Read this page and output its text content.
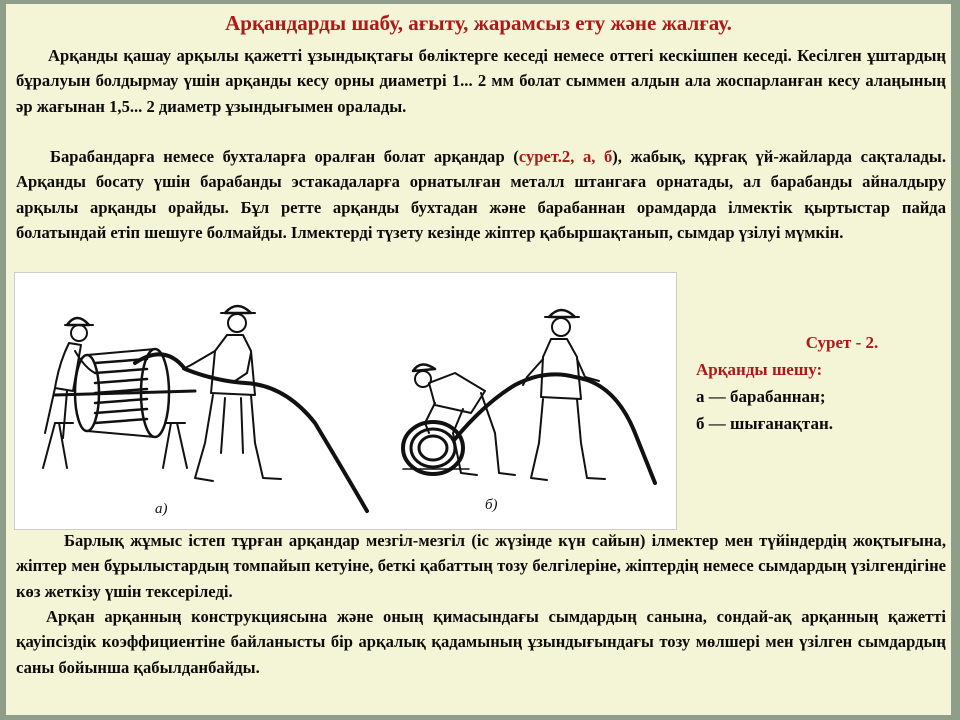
Арқандарды шабу, ағыту, жарамсыз ету және жалғау.

Арқанды қашау арқылы қажетті ұзындықтағы бөліктерге кеседі немесе оттегі кескішпен кеседі. Кесілген ұштардың бұралуын болдырмау үшін арқанды кесу орны диаметрі 1... 2 мм болат сыммен алдын ала жоспарланған кесу алаңының әр жағынан 1,5... 2 диаметр ұзындығымен оралады.

Барабандарға немесе бухталарға оралған болат арқандар (сурет.2, а, б), жабық, құрғақ үй-жайларда сақталады. Арқанды босату үшін барабанды эстакадаларға орнатылған металл штангаға орнатады, ал барабанды айналдыру арқылы арқанды орайды. Бұл ретте арқанды бухтадан және барабаннан орамдарда ілмектік қыртыстар пайда болатындай етіп шешуге болмайды. Ілмектерді түзету кезінде жіптер қабыршақтанып, сымдар үзілуі мүмкін.

а)	б)
Сурет - 2.
Арқанды шешу:
а — барабаннан;
б — шығанақтан.

Барлық жұмыс істеп тұрған арқандар мезгіл-мезгіл (іс жүзінде күн сайын) ілмектер мен түйіндердің жоқтығына, жіптер мен бұрылыстардың томпайып кетуіне, беткі қабаттың тозу белгілеріне, жіптердің немесе сымдардың үзілгендігіне көз жеткізу үшін тексеріледі.

Арқан арқанның конструкциясына және оның қимасындағы сымдардың санына, сондай-ақ арқанның қажетті қауіпсіздік коэффициентіне байланысты бір арқалық қадамының ұзындығындағы тозу мөлшері мен үзілген сымдардың саны бойынша қабылданбайды.
